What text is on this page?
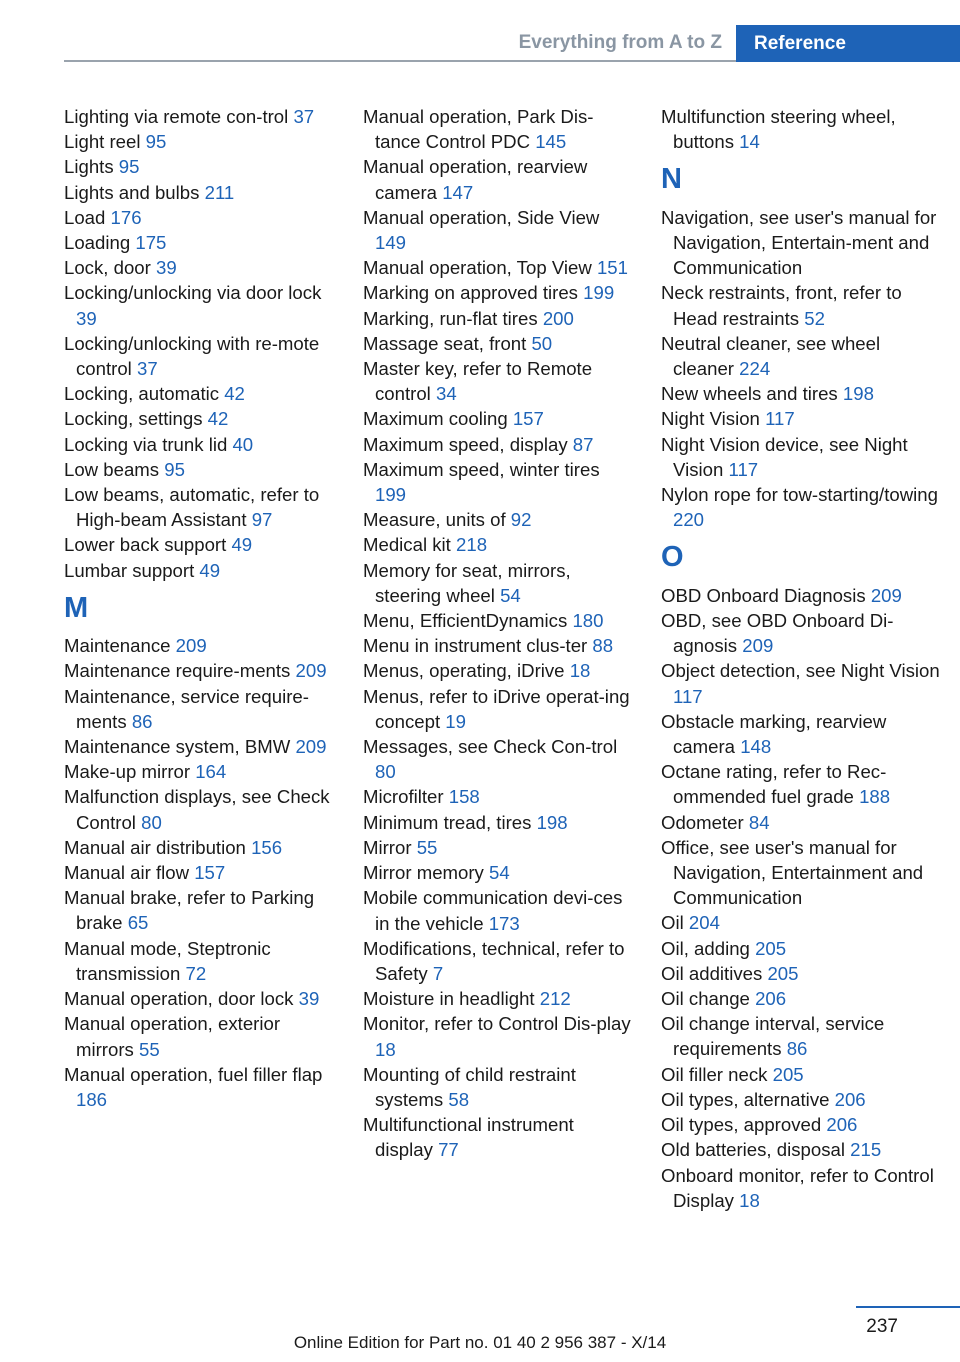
Everything from A to Z	Reference
Lighting via remote con‐trol 37
Light reel 95
Lights 95
Lights and bulbs 211
Load 176
Loading 175
Lock, door 39
Locking/unlocking via door lock 39
Locking/unlocking with re‐mote control 37
Locking, automatic 42
Locking, settings 42
Locking via trunk lid 40
Low beams 95
Low beams, automatic, refer to High-beam Assistant 97
Lower back support 49
Lumbar support 49
M
Maintenance 209
Maintenance require‐ments 209
Maintenance, service require‐ments 86
Maintenance system, BMW 209
Make-up mirror 164
Malfunction displays, see Check Control 80
Manual air distribution 156
Manual air flow 157
Manual brake, refer to Parking brake 65
Manual mode, Steptronic transmission 72
Manual operation, door lock 39
Manual operation, exterior mirrors 55
Manual operation, fuel filler flap 186
Manual operation, Park Dis‐tance Control PDC 145
Manual operation, rearview camera 147
Manual operation, Side View 149
Manual operation, Top View 151
Marking on approved tires 199
Marking, run-flat tires 200
Massage seat, front 50
Master key, refer to Remote control 34
Maximum cooling 157
Maximum speed, display 87
Maximum speed, winter tires 199
Measure, units of 92
Medical kit 218
Memory for seat, mirrors, steering wheel 54
Menu, EfficientDynamics 180
Menu in instrument clus‐ter 88
Menus, operating, iDrive 18
Menus, refer to iDrive operat‐ing concept 19
Messages, see Check Con‐trol 80
Microfilter 158
Minimum tread, tires 198
Mirror 55
Mirror memory 54
Mobile communication devi‐ces in the vehicle 173
Modifications, technical, refer to Safety 7
Moisture in headlight 212
Monitor, refer to Control Dis‐play 18
Mounting of child restraint systems 58
Multifunctional instrument display 77
Multifunction steering wheel, buttons 14
N
Navigation, see user's manual for Navigation, Entertain‐ment and Communication
Neck restraints, front, refer to Head restraints 52
Neutral cleaner, see wheel cleaner 224
New wheels and tires 198
Night Vision 117
Night Vision device, see Night Vision 117
Nylon rope for tow-starting/towing 220
O
OBD Onboard Diagnosis 209
OBD, see OBD Onboard Di‐agnosis 209
Object detection, see Night Vision 117
Obstacle marking, rearview camera 148
Octane rating, refer to Rec‐ommended fuel grade 188
Odometer 84
Office, see user's manual for Navigation, Entertainment and Communication
Oil 204
Oil, adding 205
Oil additives 205
Oil change 206
Oil change interval, service requirements 86
Oil filler neck 205
Oil types, alternative 206
Oil types, approved 206
Old batteries, disposal 215
Onboard monitor, refer to Control Display 18
237
Online Edition for Part no. 01 40 2 956 387 - X/14
